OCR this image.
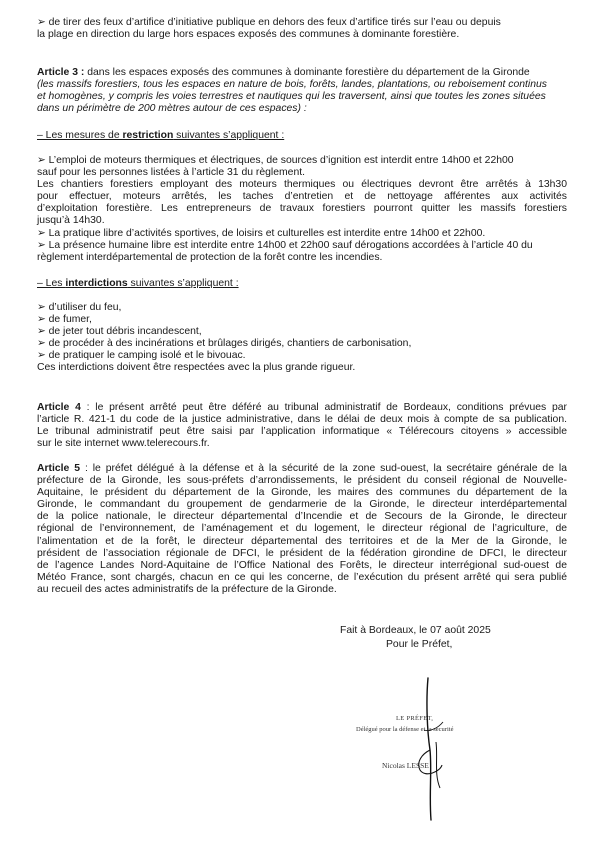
➢ de tirer des feux d’artifice d’initiative publique en dehors des feux d’artifice tirés sur l’eau ou depuis
la plage en direction du large hors espaces exposés des communes à dominante forestière.
Article 3 : dans les espaces exposés des communes à dominante forestière du département de la Gironde
(les massifs forestiers, tous les espaces en nature de bois, forêts, landes, plantations, ou reboisement continus
et homogènes, y compris les voies terrestres et nautiques qui les traversent, ainsi que toutes les zones situées
dans un périmètre de 200 mètres autour de ces espaces) :
– Les mesures de restriction suivantes s’appliquent :
➢ L’emploi de moteurs thermiques et électriques, de sources d’ignition est interdit entre 14h00 et 22h00
sauf pour les personnes listées à l’article 31 du règlement.
Les chantiers forestiers employant des moteurs thermiques ou électriques devront être arrêtés à 13h30
pour effectuer, moteurs arrêtés, les taches d’entretien et de nettoyage afférentes aux activités
d’exploitation forestière. Les entrepreneurs de travaux forestiers pourront quitter les massifs forestiers
jusqu’à 14h30.
➢ La pratique libre d’activités sportives, de loisirs et culturelles est interdite entre 14h00 et 22h00.
➢ La présence humaine libre est interdite entre 14h00 et 22h00 sauf dérogations accordées à l’article 40 du
règlement interdépartemental de protection de la forêt contre les incendies.
– Les interdictions suivantes s’appliquent :
➢ d’utiliser du feu,
➢ de fumer,
➢ de jeter tout débris incandescent,
➢ de procéder à des incinérations et brûlages dirigés, chantiers de carbonisation,
➢ de pratiquer le camping isolé et le bivouac.
Ces interdictions doivent être respectées avec la plus grande rigueur.
Article 4 : le présent arrêté peut être déféré au tribunal administratif de Bordeaux, conditions prévues par
l’article R. 421-1 du code de la justice administrative, dans le délai de deux mois à compte de sa publication.
Le tribunal administratif peut être saisi par l’application informatique « Télérecours citoyens » accessible
sur le site internet www.telerecours.fr.
Article 5 : le préfet délégué à la défense et à la sécurité de la zone sud-ouest, la secrétaire générale de la
préfecture de la Gironde, les sous-préfets d’arrondissements, le président du conseil régional de Nouvelle-
Aquitaine, le président du département de la Gironde, les maires des communes du département de la
Gironde, le commandant du groupement de gendarmerie de la Gironde, le directeur interdépartemental
de la police nationale, le directeur départemental d’Incendie et de Secours de la Gironde, le directeur
régional de l’environnement, de l’aménagement et du logement, le directeur régional de l’agriculture, de
l’alimentation et de la forêt, le directeur départemental des territoires et de la Mer de la Gironde, le
président de l’association régionale de DFCI, le président de la fédération girondine de DFCI, le directeur
de l’agence Landes Nord-Aquitaine de l’Office National des Forêts, le directeur interrégional sud-ouest de
Météo France, sont chargés, chacun en ce qui les concerne, de l’exécution du présent arrêté qui sera publié
au recueil des actes administratifs de la préfecture de la Gironde.
Fait à Bordeaux, le 07 août 2025
Pour le Préfet,
LE PRÉFET,
Délégué pour la défense et la sécurité
Nicolas LESSE
